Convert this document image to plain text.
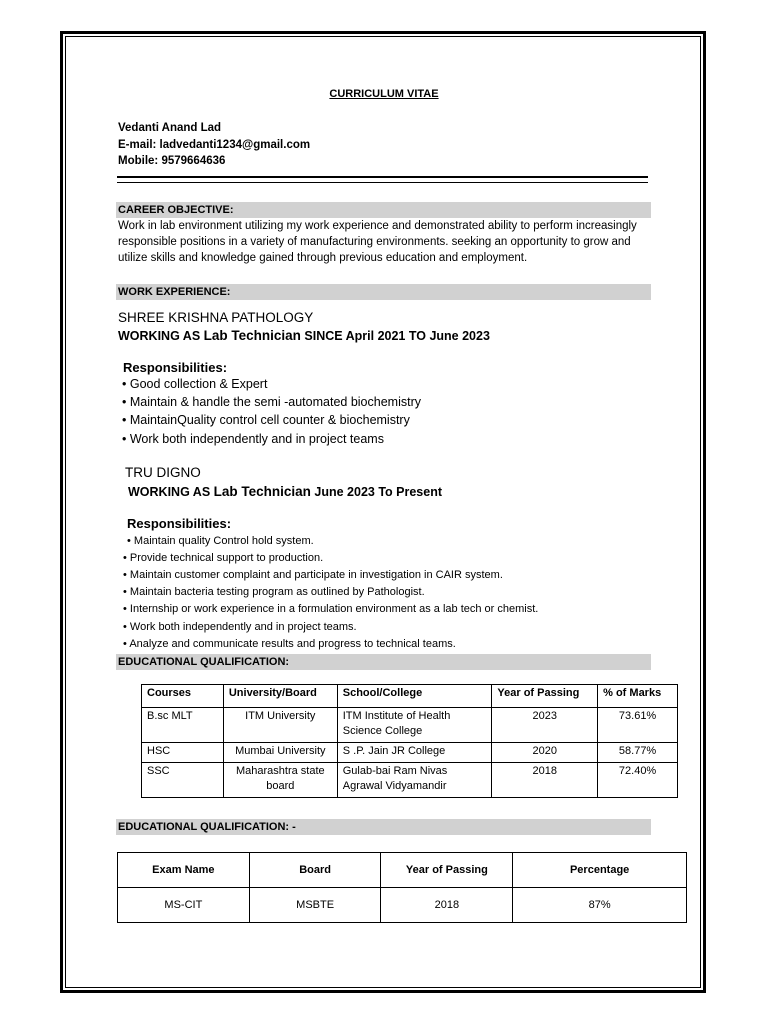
CURRICULUM VITAE
Vedanti Anand Lad
E-mail: ladvedanti1234@gmail.com
Mobile: 9579664636
CAREER OBJECTIVE:
Work in lab environment utilizing my work experience and demonstrated ability to perform increasingly responsible positions in a variety of manufacturing environments. seeking an opportunity to grow and utilize skills and knowledge gained through previous education and employment.
WORK EXPERIENCE:
SHREE KRISHNA PATHOLOGY
WORKING AS Lab Technician SINCE April 2021 TO June 2023
Responsibilities:
• Good collection & Expert
• Maintain & handle the semi -automated biochemistry
• MaintainQuality control cell counter & biochemistry
• Work both independently and in project teams
TRU DIGNO
WORKING AS Lab Technician June 2023 To Present
Responsibilities:
• Maintain quality Control hold system.
• Provide technical support to production.
• Maintain customer complaint and participate in investigation in CAIR system.
• Maintain bacteria testing program as outlined by Pathologist.
• Internship or work experience in a formulation environment as a lab tech or chemist.
• Work both independently and in project teams.
• Analyze and communicate results and progress to technical teams.
EDUCATIONAL QUALIFICATION:
Courses	University/Board	School/College	Year of Passing	% of Marks
B.sc MLT	ITM University	ITM Institute of Health Science College	2023	73.61%
HSC	Mumbai University	S .P. Jain JR College	2020	58.77%
SSC	Maharashtra state board	Gulab-bai Ram Nivas Agrawal Vidyamandir	2018	72.40%
EDUCATIONAL QUALIFICATION: -
Exam Name	Board	Year of Passing	Percentage
MS-CIT	MSBTE	2018	87%
